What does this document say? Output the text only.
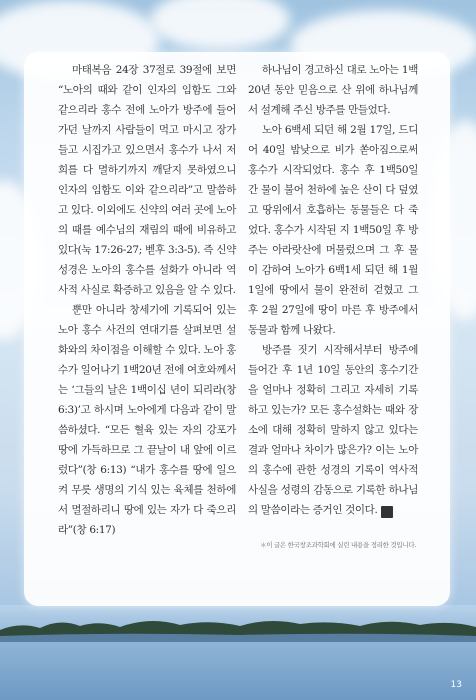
마태복음 24장 37절로 39절에 보면 “노아의 때와 같이 인자의 임함도 그와 같으리라 홍수 전에 노아가 방주에 들어가던 날까지 사람들이 먹고 마시고 장가들고 시집가고 있으면서 홍수가 나서 저희를 다 멸하기까지 깨닫지 못하였으니 인자의 임함도 이와 같으리라”고 말씀하고 있다. 이외에도 신약의 여러 곳에 노아의 때를 예수님의 재림의 때에 비유하고 있다(눅 17:26-27; 벧후 3:3-5). 즉 신약성경은 노아의 홍수를 설화가 아니라 역사적 사실로 확증하고 있음을 알 수 있다.

뿐만 아니라 창세기에 기록되어 있는 노아 홍수 사건의 연대기를 살펴보면 설화와의 차이점을 이해할 수 있다. 노아 홍수가 일어나기 1백20년 전에 여호와께서는 ‘그들의 날은 1백이십 년이 되리라(창 6:3)’고 하시며 노아에게 다음과 같이 말씀하셨다. “모든 혈육 있는 자의 강포가 땅에 가득하므로 그 끝날이 내 앞에 이르렀다”(창 6:13) “내가 홍수를 땅에 일으켜 무릇 생명의 기식 있는 육체를 천하에서 멸절하리니 땅에 있는 자가 다 죽으리라”(창 6:17)

하나님이 경고하신 대로 노아는 1백20년 동안 믿음으로 산 위에 하나님께서 설계해 주신 방주를 만들었다.

노아 6백세 되던 해 2월 17일, 드디어 40일 밤낮으로 비가 쏟아짐으로써 홍수가 시작되었다. 홍수 후 1백50일간 물이 불어 천하에 높은 산이 다 덮였고 땅위에서 호흡하는 동물들은 다 죽었다. 홍수가 시작된 지 1백50일 후 방주는 아라랏산에 머물렀으며 그 후 물이 감하여 노아가 6백1세 되던 해 1월1일에 땅에서 물이 완전히 걷혔고 그 후 2월 27일에 땅이 마른 후 방주에서 동물과 함께 나왔다.

방주를 짓기 시작해서부터 방주에 들어간 후 1년 10일 동안의 홍수기간을 얼마나 정확히 그리고 자세히 기록하고 있는가? 모든 홍수설화는 때와 장소에 대해 정확히 말하지 않고 있다는 결과 얼마나 차이가 많은가? 이는 노아의 홍수에 관한 성경의 기록이 역사적 사실을 성령의 감동으로 기록한 하나님의 말씀이라는 증거인 것이다. N

＊이 글은 한국창조과학회에 실린 내용을 정리한 것입니다.
13
